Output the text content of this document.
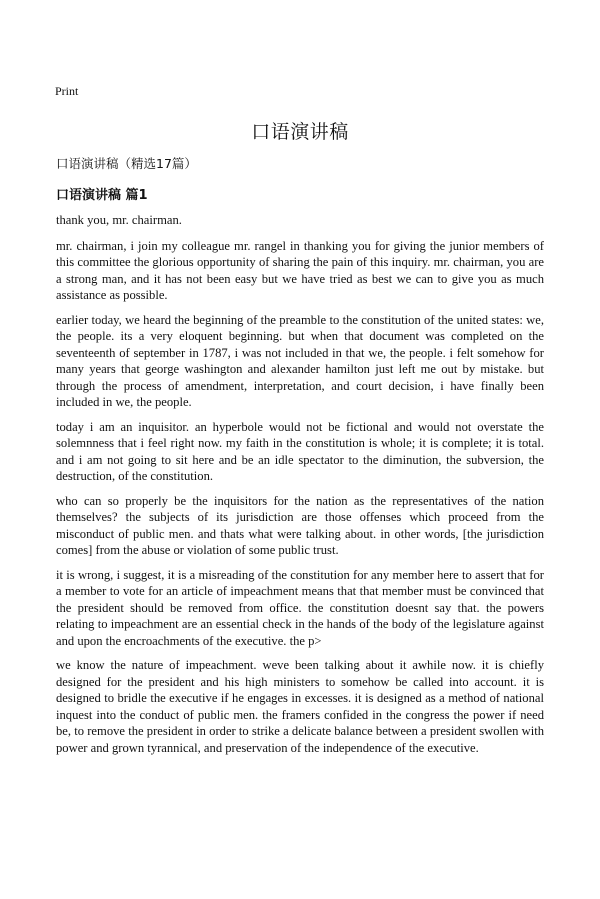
Print
口语演讲稿
口语演讲稿（精选17篇）
口语演讲稿 篇1

thank you, mr. chairman.

mr. chairman, i join my colleague mr. rangel in thanking you for giving the junior members of this committee the glorious opportunity of sharing the pain of this inquiry. mr. chairman, you are a strong man, and it has not been easy but we have tried as best we can to give you as much assistance as possible.

earlier today, we heard the beginning of the preamble to the constitution of the united states: we, the people. its a very eloquent beginning. but when that document was completed on the seventeenth of september in 1787, i was not included in that we, the people. i felt somehow for many years that george washington and alexander hamilton just left me out by mistake. but through the process of amendment, interpretation, and court decision, i have finally been included in we, the people.

today i am an inquisitor. an hyperbole would not be fictional and would not overstate the solemnness that i feel right now. my faith in the constitution is whole; it is complete; it is total. and i am not going to sit here and be an idle spectator to the diminution, the subversion, the destruction, of the constitution.

who can so properly be the inquisitors for the nation as the representatives of the nation themselves? the subjects of its jurisdiction are those offenses which proceed from the misconduct of public men. and thats what were talking about. in other words, [the jurisdiction comes] from the abuse or violation of some public trust.

it is wrong, i suggest, it is a misreading of the constitution for any member here to assert that for a member to vote for an article of impeachment means that that member must be convinced that the president should be removed from office. the constitution doesnt say that. the powers relating to impeachment are an essential check in the hands of the body of the legislature against and upon the encroachments of the executive. the p>

we know the nature of impeachment. weve been talking about it awhile now. it is chiefly designed for the president and his high ministers to somehow be called into account. it is designed to bridle the executive if he engages in excesses. it is designed as a method of national inquest into the conduct of public men. the framers confided in the congress the power if need be, to remove the president in order to strike a delicate balance between a president swollen with power and grown tyrannical, and preservation of the independence of the executive.
